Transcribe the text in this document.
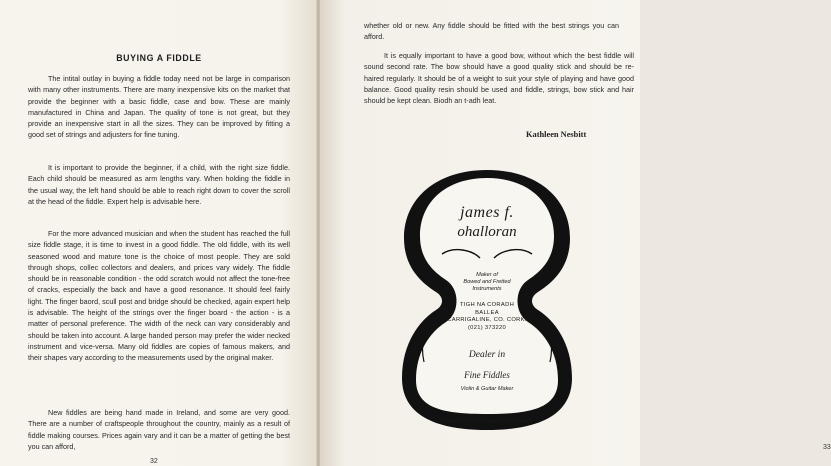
BUYING A FIDDLE

The intital outlay in buying a fiddle today need not be large in comparison with many other instruments. There are many inexpensive kits on the market that provide the beginner with a basic fiddle, case and bow. These are mainly manufactured in China and Japan. The quality of tone is not great, but they provide an inexpensive start in all the sizes. They can be improved by fitting a good set of strings and adjusters for fine tuning.

It is important to provide the beginner, if a child, with the right size fiddle. Each child should be measured as arm lengths vary. When holding the fiddle in the usual way, the left hand should be able to reach right down to cover the scroll at the head of the fiddle. Expert help is advisable here.

For the more advanced musician and when the student has reached the full size fiddle stage, it is time to invest in a good fiddle. The old fiddle, with its well seasoned wood and mature tone is the choice of most people. They are sold through shops, collec collectors and dealers, and prices vary widely. The fiddle should be in reasonable condition - the odd scratch would not affect the tone-free of cracks, especially the back and have a good resonance. It should feel fairly light. The finger baord, scull post and bridge should be checked, again expert help is advisable. The height of the strings over the finger board - the action - is a matter of personal preference. The width of the neck can vary considerably and should be taken into account. A large handed person may prefer the wider necked instrument and vice-versa. Many old fiddles are copies of famous makers, and their shapes vary according to the measurements used by the original maker.

New fiddles are being hand made in Ireland, and some are very good. There are a number of craftspeople throughout the country, mainly as a result of fiddle making courses. Prices again vary and it can be a matter of getting the best you can afford,

32

whether old or new. Any fiddle should be fitted with the best strings you can afford.

It is equally important to have a good bow, without which the best fiddle will sound second rate. The bow should have a good quality stick and should be re-haired regularly. It should be of a weight to suit your style of playing and have good balance. Good quality resin should be used and fiddle, strings, bow stick and hair should be kept clean. Biodh an t-adh leat.

Kathleen Nesbitt
james f.
ohalloran
Maker of
Bowed and Fretted
Instruments
TIGH NA CORADH
BALLEA
CARRIGALINE, CO. CORK.
(021) 373220
Dealer in
Fine Fiddles
Violin & Guitar Maker
Repairs on all Stringed Instruments.
33
